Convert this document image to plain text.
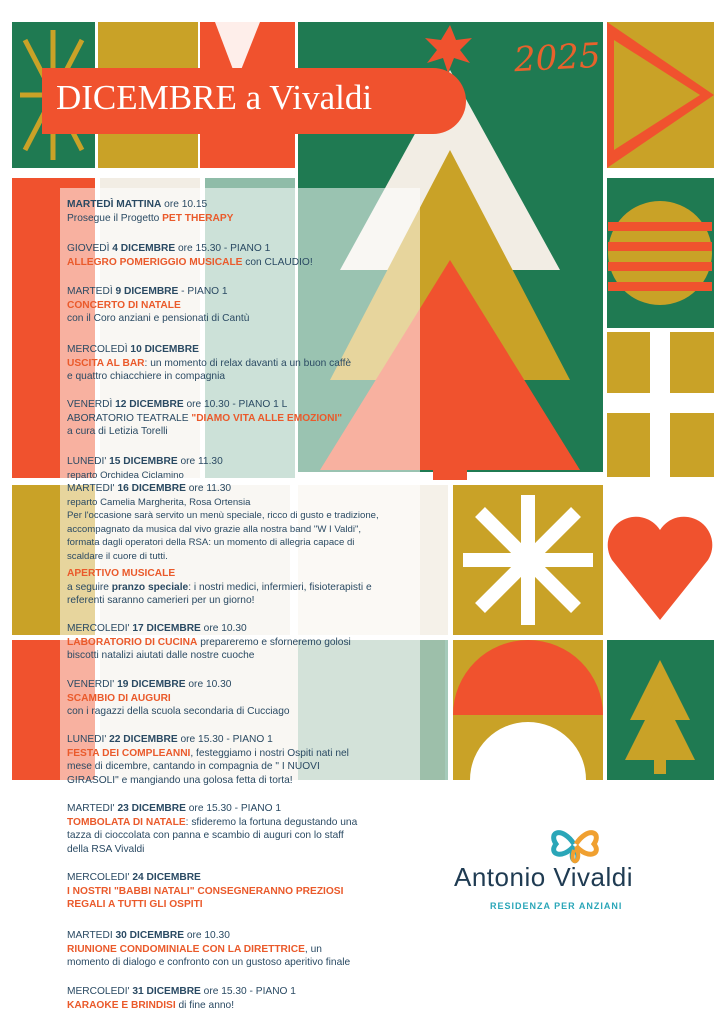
DICEMBRE a Vivaldi
2025
MARTEDÌ MATTINA ore 10.15
Prosegue il Progetto PET THERAPY
GIOVEDÌ 4 DICEMBRE ore 15.30 - PIANO 1
ALLEGRO POMERIGGIO MUSICALE con CLAUDIO!
MARTEDÌ 9 DICEMBRE - PIANO 1
CONCERTO DI NATALE
con il Coro anziani e pensionati di Cantù
MERCOLEDÌ 10 DICEMBRE
USCITA AL BAR: un momento di relax davanti a un buon caffè
e quattro chiacchiere in compagnia
VENERDÌ 12 DICEMBRE ore 10.30 - PIANO 1 L
ABORATORIO TEATRALE "DIAMO VITA ALLE EMOZIONI"
a cura di Letizia Torelli
LUNEDI' 15 DICEMBRE ore 11.30
reparto Orchidea Ciclamino
MARTEDI' 16 DICEMBRE ore 11.30
reparto Camelia Margherita, Rosa Ortensia
Per l'occasione sarà servito un menù speciale, ricco di gusto e tradizione,
accompagnato da musica dal vivo grazie alla nostra band "W I Valdi",
formata dagli operatori della RSA: un momento di allegria capace di
scaldare il cuore di tutti.
APERTIVO MUSICALE
a seguire pranzo speciale: i nostri medici, infermieri, fisioterapisti e
referenti saranno camerieri per un giorno!
MERCOLEDI' 17 DICEMBRE ore 10.30
LABORATORIO DI CUCINA prepareremo e sforneremo golosi
biscotti natalizi aiutati dalle nostre cuoche
VENERDI' 19 DICEMBRE ore 10.30
SCAMBIO DI AUGURI
con i ragazzi della scuola secondaria di Cucciago
LUNEDI' 22 DICEMBRE ore 15.30 - PIANO 1
FESTA DEI COMPLEANNI, festeggiamo i nostri Ospiti nati nel
mese di dicembre, cantando in compagnia de " I NUOVI
GIRASOLI" e mangiando una golosa fetta di torta!
MARTEDI' 23 DICEMBRE ore 15.30 - PIANO 1
TOMBOLATA DI NATALE: sfideremo la fortuna degustando una
tazza di cioccolata con panna e scambio di auguri con lo staff
della RSA Vivaldi
MERCOLEDI' 24 DICEMBRE
I NOSTRI "BABBI NATALI" CONSEGNERANNO PREZIOSI
REGALI A TUTTI GLI OSPITI
MARTEDI 30 DICEMBRE ore 10.30
RIUNIONE CONDOMINIALE CON LA DIRETTRICE, un
momento di dialogo e confronto con un gustoso aperitivo finale
MERCOLEDI' 31 DICEMBRE ore 15.30 - PIANO 1
KARAOKE E BRINDISI di fine anno!
Antonio Vivaldi
RESIDENZA PER ANZIANI
